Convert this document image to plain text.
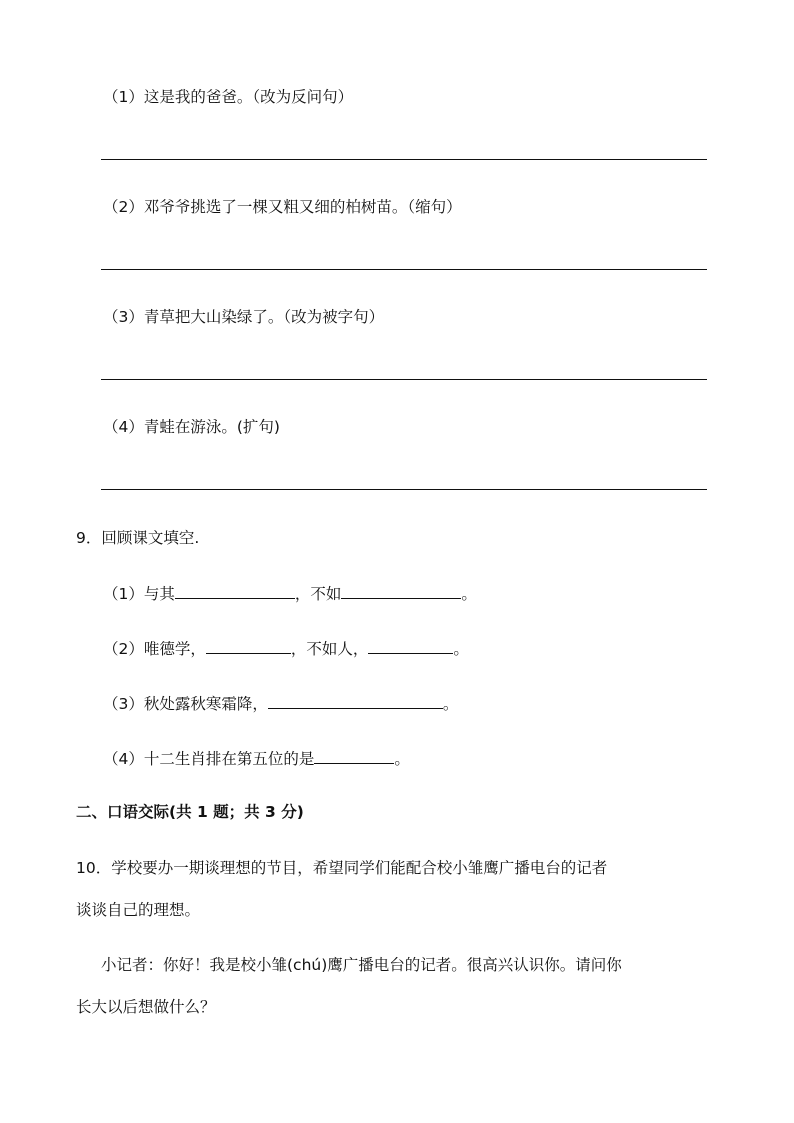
（1）这是我的爸爸。（改为反问句）
（2）邓爷爷挑选了一棵又粗又细的柏树苗。（缩句）
（3）青草把大山染绿了。（改为被字句）
（4）青蛙在游泳。(扩句)
9．回顾课文填空.
（1）与其	，不如	。
（2）唯德学，	，不如人，	。
（3）秋处露秋寒霜降，	。
（4）十二生肖排在第五位的是	。
二、口语交际(共 1 题；共 3 分)
10．学校要办一期谈理想的节目，希望同学们能配合校小雏鹰广播电台的记者
谈谈自己的理想。
小记者：你好！我是校小雏(chú)鹰广播电台的记者。很高兴认识你。请问你
长大以后想做什么？
